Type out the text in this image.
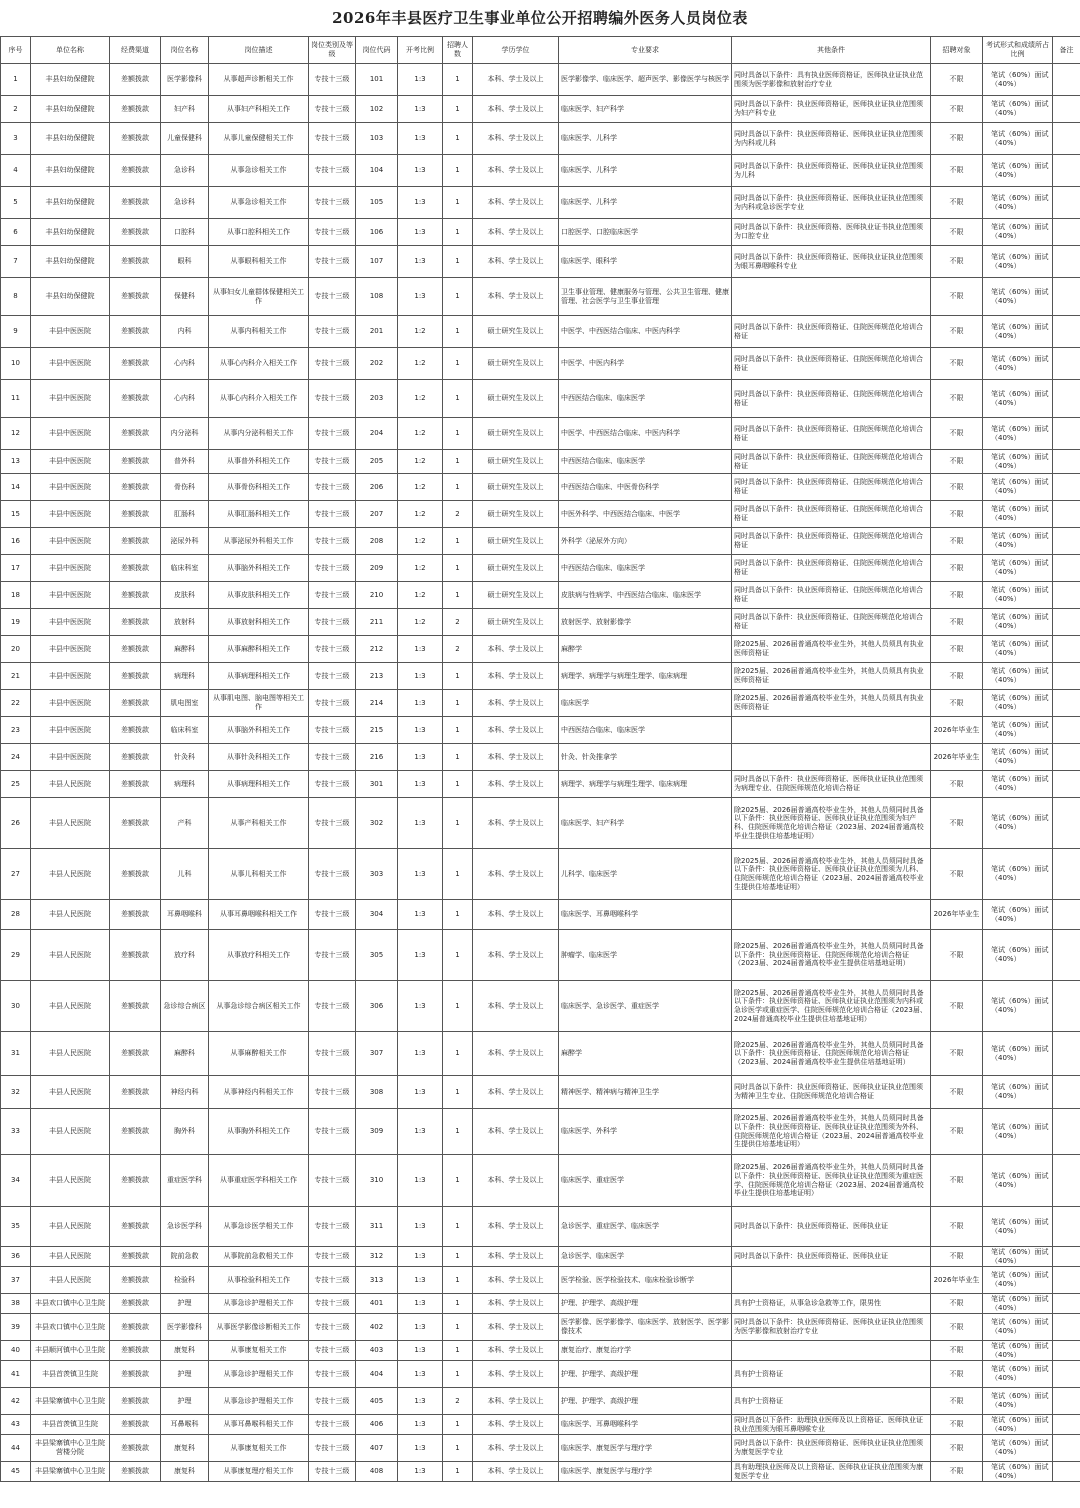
2026年丰县医疗卫生事业单位公开招聘编外医务人员岗位表
序号	单位名称	经费渠道	岗位名称	岗位描述	岗位类别及等级	岗位代码	开考比例	招聘人数	学历学位	专业要求	其他条件	招聘对象	考试形式和成绩所占比例	备注
1	丰县妇幼保健院	差额拨款	医学影像科	从事超声诊断相关工作	专技十三级	101	1:3	1	本科、学士及以上	医学影像学、临床医学、超声医学、影像医学与核医学	同时具备以下条件：具有执业医师资格证，医师执业证执业范围须为医学影像和放射治疗专业	不限	笔试（60%）面试（40%）	
2	丰县妇幼保健院	差额拨款	妇产科	从事妇产科相关工作	专技十三级	102	1:3	1	本科、学士及以上	临床医学、妇产科学	同时具备以下条件：执业医师资格证，医师执业证执业范围须为妇产科专业	不限	笔试（60%）面试（40%）	
3	丰县妇幼保健院	差额拨款	儿童保健科	从事儿童保健相关工作	专技十三级	103	1:3	1	本科、学士及以上	临床医学、儿科学	同时具备以下条件：执业医师资格证、医师执业证执业范围须为内科或儿科	不限	笔试（60%）面试（40%）	
4	丰县妇幼保健院	差额拨款	急诊科	从事急诊相关工作	专技十三级	104	1:3	1	本科、学士及以上	临床医学、儿科学	同时具备以下条件：执业医师资格证、医师执业证执业范围须为儿科	不限	笔试（60%）面试（40%）	
5	丰县妇幼保健院	差额拨款	急诊科	从事急诊相关工作	专技十三级	105	1:3	1	本科、学士及以上	临床医学、儿科学	同时具备以下条件：执业医师资格证、医师执业证执业范围须为内科或急诊医学专业	不限	笔试（60%）面试（40%）	
6	丰县妇幼保健院	差额拨款	口腔科	从事口腔科相关工作	专技十三级	106	1:3	1	本科、学士及以上	口腔医学、口腔临床医学	同时具备以下条件：执业医师资格、医师执业证书执业范围须为口腔专业	不限	笔试（60%）面试（40%）	
7	丰县妇幼保健院	差额拨款	眼科	从事眼科相关工作	专技十三级	107	1:3	1	本科、学士及以上	临床医学、眼科学	同时具备以下条件：执业医师资格证、医师执业证执业范围须为眼耳鼻咽喉科专业	不限	笔试（60%）面试（40%）	
8	丰县妇幼保健院	差额拨款	保健科	从事妇女儿童群体保健相关工作	专技十三级	108	1:3	1	本科、学士及以上	卫生事业管理、健康服务与管理、公共卫生管理、健康管理、社会医学与卫生事业管理		不限	笔试（60%）面试（40%）	
9	丰县中医医院	差额拨款	内科	从事内科相关工作	专技十三级	201	1:2	1	硕士研究生及以上	中医学、中西医结合临床、中医内科学	同时具备以下条件：执业医师资格证、住院医师规范化培训合格证	不限	笔试（60%）面试（40%）	
10	丰县中医医院	差额拨款	心内科	从事心内科介入相关工作	专技十三级	202	1:2	1	硕士研究生及以上	中医学、中医内科学	同时具备以下条件：执业医师资格证、住院医师规范化培训合格证	不限	笔试（60%）面试（40%）	
11	丰县中医医院	差额拨款	心内科	从事心内科介入相关工作	专技十三级	203	1:2	1	硕士研究生及以上	中西医结合临床、临床医学	同时具备以下条件：执业医师资格证、住院医师规范化培训合格证	不限	笔试（60%）面试（40%）	
12	丰县中医医院	差额拨款	内分泌科	从事内分泌科相关工作	专技十三级	204	1:2	1	硕士研究生及以上	中医学、中西医结合临床、中医内科学	同时具备以下条件：执业医师资格证、住院医师规范化培训合格证	不限	笔试（60%）面试（40%）	
13	丰县中医医院	差额拨款	普外科	从事普外科相关工作	专技十三级	205	1:2	1	硕士研究生及以上	中西医结合临床、临床医学	同时具备以下条件：执业医师资格证、住院医师规范化培训合格证	不限	笔试（60%）面试（40%）	
14	丰县中医医院	差额拨款	骨伤科	从事骨伤科相关工作	专技十三级	206	1:2	1	硕士研究生及以上	中西医结合临床、中医骨伤科学	同时具备以下条件：执业医师资格证、住院医师规范化培训合格证	不限	笔试（60%）面试（40%）	
15	丰县中医医院	差额拨款	肛肠科	从事肛肠科相关工作	专技十三级	207	1:2	2	硕士研究生及以上	中医外科学、中西医结合临床、中医学	同时具备以下条件：执业医师资格证、住院医师规范化培训合格证	不限	笔试（60%）面试（40%）	
16	丰县中医医院	差额拨款	泌尿外科	从事泌尿外科相关工作	专技十三级	208	1:2	1	硕士研究生及以上	外科学（泌尿外方向）	同时具备以下条件：执业医师资格证、住院医师规范化培训合格证	不限	笔试（60%）面试（40%）	
17	丰县中医医院	差额拨款	临床科室	从事脑外科相关工作	专技十三级	209	1:2	1	硕士研究生及以上	中西医结合临床、临床医学	同时具备以下条件：执业医师资格证、住院医师规范化培训合格证	不限	笔试（60%）面试（40%）	
18	丰县中医医院	差额拨款	皮肤科	从事皮肤科相关工作	专技十三级	210	1:2	1	硕士研究生及以上	皮肤病与性病学、中西医结合临床、临床医学	同时具备以下条件：执业医师资格证、住院医师规范化培训合格证	不限	笔试（60%）面试（40%）	
19	丰县中医医院	差额拨款	放射科	从事放射科相关工作	专技十三级	211	1:2	2	硕士研究生及以上	放射医学、放射影像学	同时具备以下条件：执业医师资格证、住院医师规范化培训合格证	不限	笔试（60%）面试（40%）	
20	丰县中医医院	差额拨款	麻醉科	从事麻醉科相关工作	专技十三级	212	1:3	2	本科、学士及以上	麻醉学	除2025届、2026届普通高校毕业生外，其他人员须具有执业医师资格证	不限	笔试（60%）面试（40%）	
21	丰县中医医院	差额拨款	病理科	从事病理科相关工作	专技十三级	213	1:3	1	本科、学士及以上	病理学、病理学与病理生理学、临床病理	除2025届、2026届普通高校毕业生外，其他人员须具有执业医师资格证	不限	笔试（60%）面试（40%）	
22	丰县中医医院	差额拨款	肌电图室	从事肌电图、脑电图等相关工作	专技十三级	214	1:3	1	本科、学士及以上	临床医学	除2025届、2026届普通高校毕业生外，其他人员须具有执业医师资格证	不限	笔试（60%）面试（40%）	
23	丰县中医医院	差额拨款	临床科室	从事脑外科相关工作	专技十三级	215	1:3	1	本科、学士及以上	中西医结合临床、临床医学		2026年毕业生	笔试（60%）面试（40%）	
24	丰县中医医院	差额拨款	针灸科	从事针灸科相关工作	专技十三级	216	1:3	1	本科、学士及以上	针灸、针灸推拿学		2026年毕业生	笔试（60%）面试（40%）	
25	丰县人民医院	差额拨款	病理科	从事病理科相关工作	专技十三级	301	1:3	1	本科、学士及以上	病理学、病理学与病理生理学、临床病理	同时具备以下条件：执业医师资格证、医师执业证执业范围须为病理专业、住院医师规范化培训合格证	不限	笔试（60%）面试（40%）	
26	丰县人民医院	差额拨款	产科	从事产科相关工作	专技十三级	302	1:3	1	本科、学士及以上	临床医学、妇产科学	除2025届、2026届普通高校毕业生外，其他人员须同时具备以下条件：执业医师资格证、医师执业证执业范围须为妇产科、住院医师规范化培训合格证（2023届、2024届普通高校毕业生提供住培基地证明）	不限	笔试（60%）面试（40%）	
27	丰县人民医院	差额拨款	儿科	从事儿科相关工作	专技十三级	303	1:3	1	本科、学士及以上	儿科学、临床医学	除2025届、2026届普通高校毕业生外，其他人员须同时具备以下条件：执业医师资格证、医师执业证执业范围须为儿科、住院医师规范化培训合格证（2023届、2024届普通高校毕业生提供住培基地证明）	不限	笔试（60%）面试（40%）	
28	丰县人民医院	差额拨款	耳鼻咽喉科	从事耳鼻咽喉科相关工作	专技十三级	304	1:3	1	本科、学士及以上	临床医学、耳鼻咽喉科学		2026年毕业生	笔试（60%）面试（40%）	
29	丰县人民医院	差额拨款	放疗科	从事放疗科相关工作	专技十三级	305	1:3	1	本科、学士及以上	肿瘤学、临床医学	除2025届、2026届普通高校毕业生外，其他人员须同时具备以下条件：执业医师资格证、住院医师规范化培训合格证（2023届、2024届普通高校毕业生提供住培基地证明）	不限	笔试（60%）面试（40%）	
30	丰县人民医院	差额拨款	急诊综合病区	从事急诊综合病区相关工作	专技十三级	306	1:3	1	本科、学士及以上	临床医学、急诊医学、重症医学	除2025届、2026届普通高校毕业生外，其他人员须同时具备以下条件：执业医师资格证、医师执业证执业范围须为内科或急诊医学或重症医学、住院医师规范化培训合格证（2023届、2024届普通高校毕业生提供住培基地证明）	不限	笔试（60%）面试（40%）	
31	丰县人民医院	差额拨款	麻醉科	从事麻醉相关工作	专技十三级	307	1:3	1	本科、学士及以上	麻醉学	除2025届、2026届普通高校毕业生外，其他人员须同时具备以下条件：执业医师资格证、住院医师规范化培训合格证（2023届、2024届普通高校毕业生提供住培基地证明）	不限	笔试（60%）面试（40%）	
32	丰县人民医院	差额拨款	神经内科	从事神经内科相关工作	专技十三级	308	1:3	1	本科、学士及以上	精神医学、精神病与精神卫生学	同时具备以下条件：执业医师资格证、医师执业证执业范围须为精神卫生专业、住院医师规范化培训合格证	不限	笔试（60%）面试（40%）	
33	丰县人民医院	差额拨款	胸外科	从事胸外科相关工作	专技十三级	309	1:3	1	本科、学士及以上	临床医学、外科学	除2025届、2026届普通高校毕业生外，其他人员须同时具备以下条件：执业医师资格证、医师执业证执业范围须为外科、住院医师规范化培训合格证（2023届、2024届普通高校毕业生提供住培基地证明）	不限	笔试（60%）面试（40%）	
34	丰县人民医院	差额拨款	重症医学科	从事重症医学科相关工作	专技十三级	310	1:3	1	本科、学士及以上	临床医学、重症医学	除2025届、2026届普通高校毕业生外，其他人员须同时具备以下条件：执业医师资格证、医师执业证执业范围须为重症医学、住院医师规范化培训合格证（2023届、2024届普通高校毕业生提供住培基地证明）	不限	笔试（60%）面试（40%）	
35	丰县人民医院	差额拨款	急诊医学科	从事急诊医学相关工作	专技十三级	311	1:3	1	本科、学士及以上	急诊医学、重症医学、临床医学	同时具备以下条件：执业医师资格证、医师执业证	不限	笔试（60%）面试（40%）	
36	丰县人民医院	差额拨款	院前急救	从事院前急救相关工作	专技十三级	312	1:3	1	本科、学士及以上	急诊医学、临床医学	同时具备以下条件：执业医师资格证、医师执业证	不限	笔试（60%）面试（40%）	
37	丰县人民医院	差额拨款	检验科	从事检验科相关工作	专技十三级	313	1:3	1	本科、学士及以上	医学检验、医学检验技术、临床检验诊断学		2026年毕业生	笔试（60%）面试（40%）	
38	丰县欢口镇中心卫生院	差额拨款	护理	从事急诊护理相关工作	专技十三级	401	1:3	1	本科、学士及以上	护理、护理学、高级护理	具有护士资格证，从事急诊急救等工作，限男性	不限	笔试（60%）面试（40%）	
39	丰县欢口镇中心卫生院	差额拨款	医学影像科	从事医学影像诊断相关工作	专技十三级	402	1:3	1	本科、学士及以上	医学影像、医学影像学、临床医学、放射医学、医学影像技术	同时具备以下条件：执业医师资格证、医师执业证执业范围须为医学影像和放射治疗专业	不限	笔试（60%）面试（40%）	
40	丰县顺河镇中心卫生院	差额拨款	康复科	从事康复相关工作	专技十三级	403	1:3	1	本科、学士及以上	康复治疗、康复治疗学		不限	笔试（60%）面试（40%）	
41	丰县首羡镇卫生院	差额拨款	护理	从事急诊护理相关工作	专技十三级	404	1:3	1	本科、学士及以上	护理、护理学、高级护理	具有护士资格证	不限	笔试（60%）面试（40%）	
42	丰县梁寨镇中心卫生院	差额拨款	护理	从事急诊护理相关工作	专技十三级	405	1:3	2	本科、学士及以上	护理、护理学、高级护理	具有护士资格证	不限	笔试（60%）面试（40%）	
43	丰县首羡镇卫生院	差额拨款	耳鼻喉科	从事耳鼻喉科相关工作	专技十三级	406	1:3	1	本科、学士及以上	临床医学、耳鼻咽喉科学	同时具备以下条件：助理执业医师及以上资格证、医师执业证执业范围须为眼耳鼻咽喉专业	不限	笔试（60%）面试（40%）	
44	丰县梁寨镇中心卫生院营楼分院	差额拨款	康复科	从事康复相关工作	专技十三级	407	1:3	1	本科、学士及以上	临床医学、康复医学与理疗学	同时具备以下条件：执业医师资格证、医师执业证执业范围须为康复医学专业	不限	笔试（60%）面试（40%）	
45	丰县梁寨镇中心卫生院	差额拨款	康复科	从事康复理疗相关工作	专技十三级	408	1:3	1	本科、学士及以上	临床医学、康复医学与理疗学	具有助理执业医师及以上资格证、医师执业证执业范围须为康复医学专业	不限	笔试（60%）面试（40%）	
